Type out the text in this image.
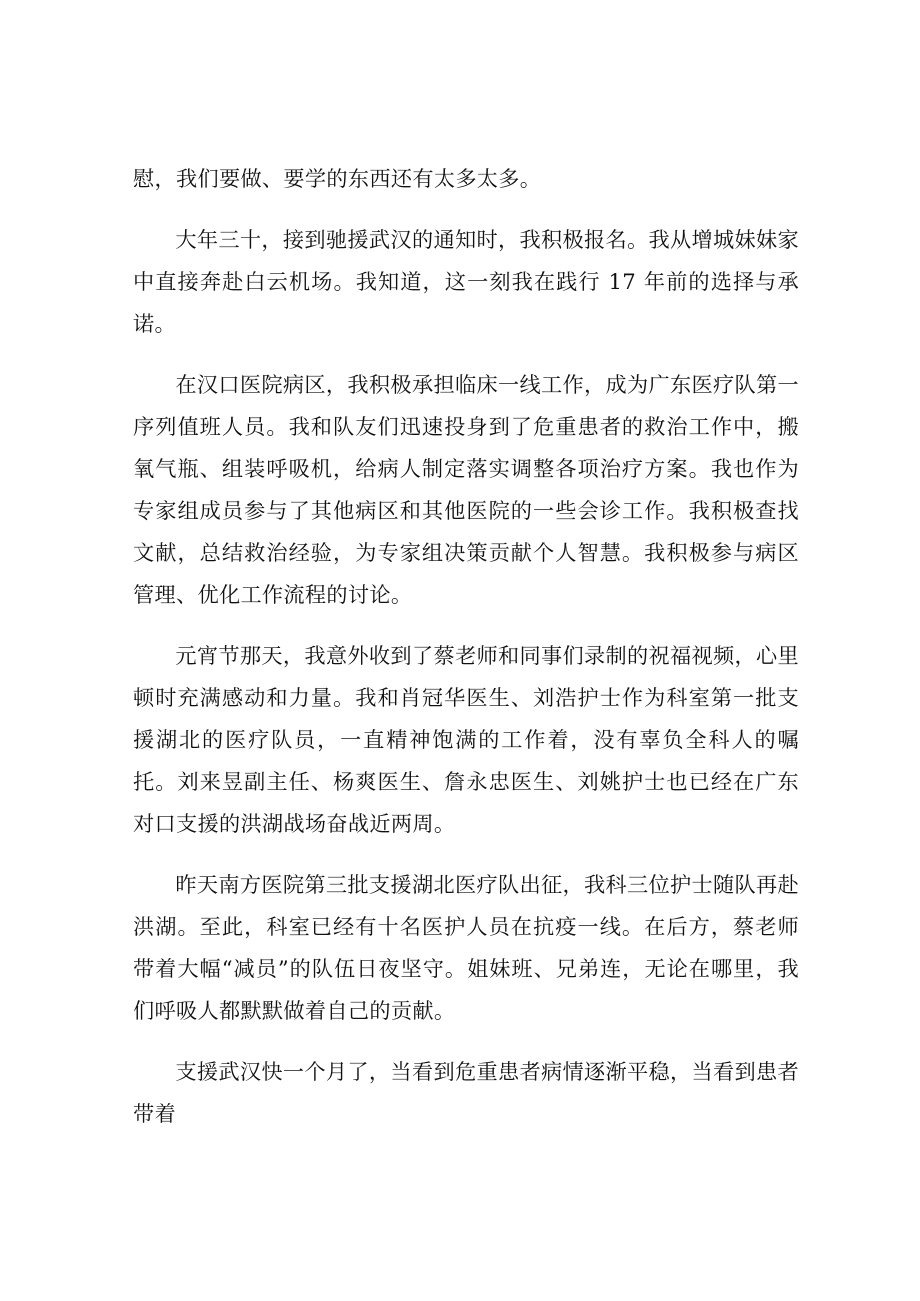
慰，我们要做、要学的东西还有太多太多。

大年三十，接到驰援武汉的通知时，我积极报名。我从增城妹妹家中直接奔赴白云机场。我知道，这一刻我在践行 17 年前的选择与承诺。

在汉口医院病区，我积极承担临床一线工作，成为广东医疗队第一序列值班人员。我和队友们迅速投身到了危重患者的救治工作中，搬氧气瓶、组装呼吸机，给病人制定落实调整各项治疗方案。我也作为专家组成员参与了其他病区和其他医院的一些会诊工作。我积极查找文献，总结救治经验，为专家组决策贡献个人智慧。我积极参与病区管理、优化工作流程的讨论。

元宵节那天，我意外收到了蔡老师和同事们录制的祝福视频，心里顿时充满感动和力量。我和肖冠华医生、刘浩护士作为科室第一批支援湖北的医疗队员，一直精神饱满的工作着，没有辜负全科人的嘱托。刘来昱副主任、杨爽医生、詹永忠医生、刘姚护士也已经在广东对口支援的洪湖战场奋战近两周。

昨天南方医院第三批支援湖北医疗队出征，我科三位护士随队再赴洪湖。至此，科室已经有十名医护人员在抗疫一线。在后方，蔡老师带着大幅“减员”的队伍日夜坚守。姐妹班、兄弟连，无论在哪里，我们呼吸人都默默做着自己的贡献。

支援武汉快一个月了，当看到危重患者病情逐渐平稳，当看到患者带着
